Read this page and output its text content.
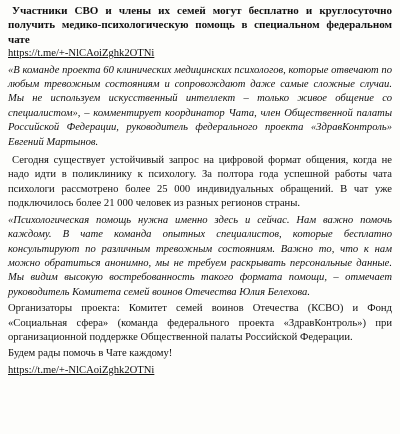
Участники СВО и члены их семей могут бесплатно и круглосуточно получить медико-психологическую помощь в специальном федеральном чате

https://t.me/+-NlCAoiZghk2OTNi

«В команде проекта 60 клинических медицинских психологов, которые отвечают по любым тревожным состояниям и сопровождают даже самые сложные случаи. Мы не используем искусственный интеллект – только живое общение со специалистом», – комментирует координатор Чата, член Общественной палаты Российской Федерации, руководитель федерального проекта «ЗдравКонтроль» Евгений Мартынов.

Сегодня существует устойчивый запрос на цифровой формат общения, когда не надо идти в поликлинику к психологу. За полтора года успешной работы чата психологи рассмотрено более 25 000 индивидуальных обращений. В чат уже подключилось более 21 000 человек из разных регионов страны.

«Психологическая помощь нужна именно здесь и сейчас. Нам важно помочь каждому. В чате команда опытных специалистов, которые бесплатно консультируют по различным тревожным состояниям. Важно то, что к нам можно обратиться анонимно, мы не требуем раскрывать персональные данные. Мы видим высокую востребованность такого формата помощи, – отмечает руководитель Комитета семей воинов Отечества Юлия Белехова.

Организаторы проекта: Комитет семей воинов Отечества (КСВО) и Фонд «Социальная сфера» (команда федерального проекта «ЗдравКонтроль») при организационной поддержке Общественной палаты Российской Федерации.

Будем рады помочь в Чате каждому!

https://t.me/+-NlCAoiZghk2OTNi
